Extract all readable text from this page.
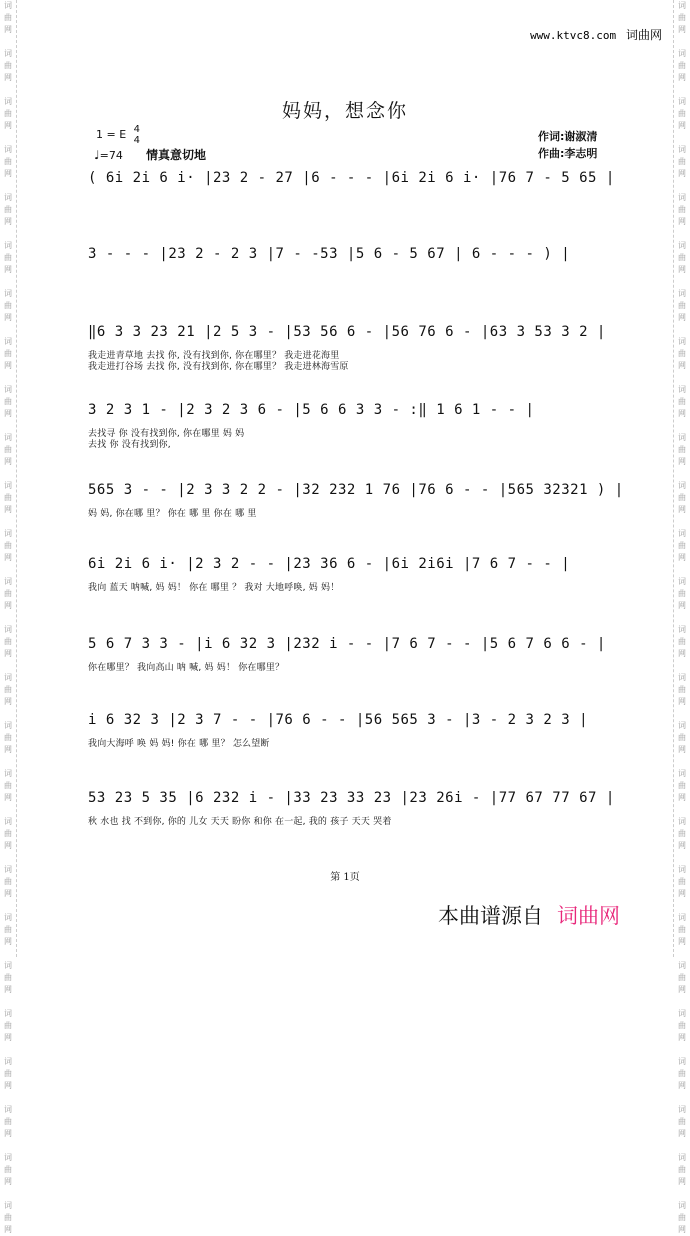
词
曲
网

词
曲
网

词
曲
网

词
曲
网

词
曲
网

词
曲
网

词
曲
网

词
曲
网

词
曲
网

词
曲
网

词
曲
网

词
曲
网

词
曲
网

词
曲
网

词
曲
网

词
曲
网

词
曲
网

词
曲
网

词
曲
网

词
曲
网

词
曲
网

词
曲
网

词
曲
网

词
曲
网

词
曲
网

词
曲
网

词
曲
网

词
曲
网

词
曲
网

词
曲
网

词
曲
网

词
曲
网

词
曲
网

词
曲
网

词
曲
网

词
曲
网

词
曲
网

词
曲
网

词
曲
网

词
曲
网

词
曲
网

词
曲
网

词
曲
网

词
曲
网

词
曲
网

词
曲
网

词
曲
网

词
曲
网

词
曲
网

词
曲
网

词
曲
网

词
曲
网

www.ktvc8.com 词曲网
妈妈，想念你
1 = E 4
4
♩=74 情真意切地
作词:谢淑清
作曲:李志明
( 6i 2i 6 i· |23 2 - 27 |6 - - - |6i 2i 6 i· |76 7 - 5 65 |
3 - - - |23 2 - 2 3 |7 - -53 |5 6 - 5 67 | 6 - - - ) |
‖6 3 3 23 21 |2 5 3 - |53 56 6 - |56 76 6 - |63 3 53 3 2 |
我走进青草地 去找 你, 没有找到你, 你在哪里？ 我走进花海里
我走进打谷场 去找 你, 没有找到你, 你在哪里？ 我走进林海雪原
3 2 3 1 - |2 3 2 3 6 - |5 6 6 3 3 - :‖ 1 6 1 - - |
去找寻 你 没有找到你, 你在哪里 妈 妈
去找 你 没有找到你,
565 3 - - |2 3 3 2 2 - |32 232 1 76 |76 6 - - |565 32321 ) |
妈 妈, 你在哪 里？ 你在 哪 里 你在 哪 里
6i 2i 6 i· |2 3 2 - - |23 36 6 - |6i 2i6i |7 6 7 - - |
我向 蓝天 呐喊, 妈 妈！ 你在 哪里 ？ 我对 大地呼唤, 妈 妈！
5 6 7 3 3 - |i 6 32 3 |232 i - - |7 6 7 - - |5 6 7 6 6 - |
你在哪里？ 我向高山 呐 喊, 妈 妈！ 你在哪里？
i 6 32 3 |2 3 7 - - |76 6 - - |56 565 3 - |3 - 2 3 2 3 |
我向大海呼 唤 妈 妈! 你在 哪 里？ 怎么望断
53 23 5 35 |6 232 i - |33 23 33 23 |23 26i - |77 67 77 67 |
秋 水也 找 不到你, 你的 儿女 天天 盼你 和你 在一起, 我的 孩子 天天 哭着
第 1页
本曲谱源自 词曲网
